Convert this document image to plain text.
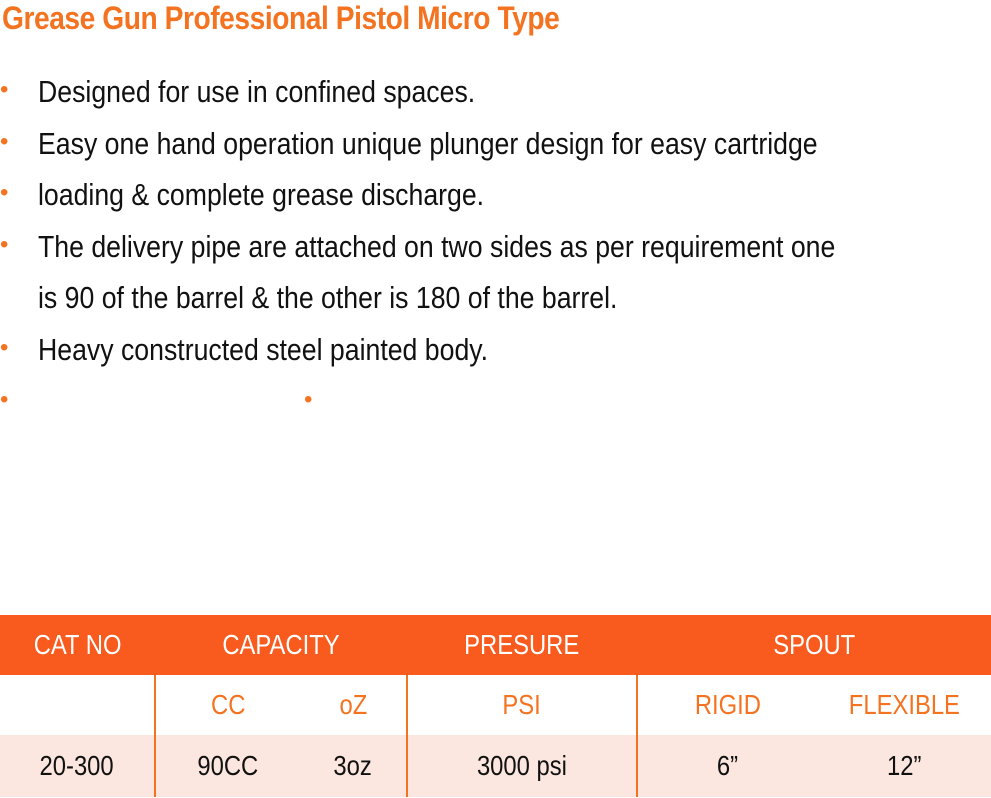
Grease Gun Professional Pistol Micro Type
• Designed for use in confined spaces.
• Easy one hand operation unique plunger design for easy cartridge
• loading & complete grease discharge.
• The delivery pipe are attached on two sides as per requirement one
is 90 of the barrel & the other is 180 of the barrel.
• Heavy constructed steel painted body.
•	•
CAT NO	CAPACITY		PRESURE	SPOUT	
	CC	oZ	PSI	RIGID	FLEXIBLE
20-300	90CC	3oz	3000 psi	6”	12”
